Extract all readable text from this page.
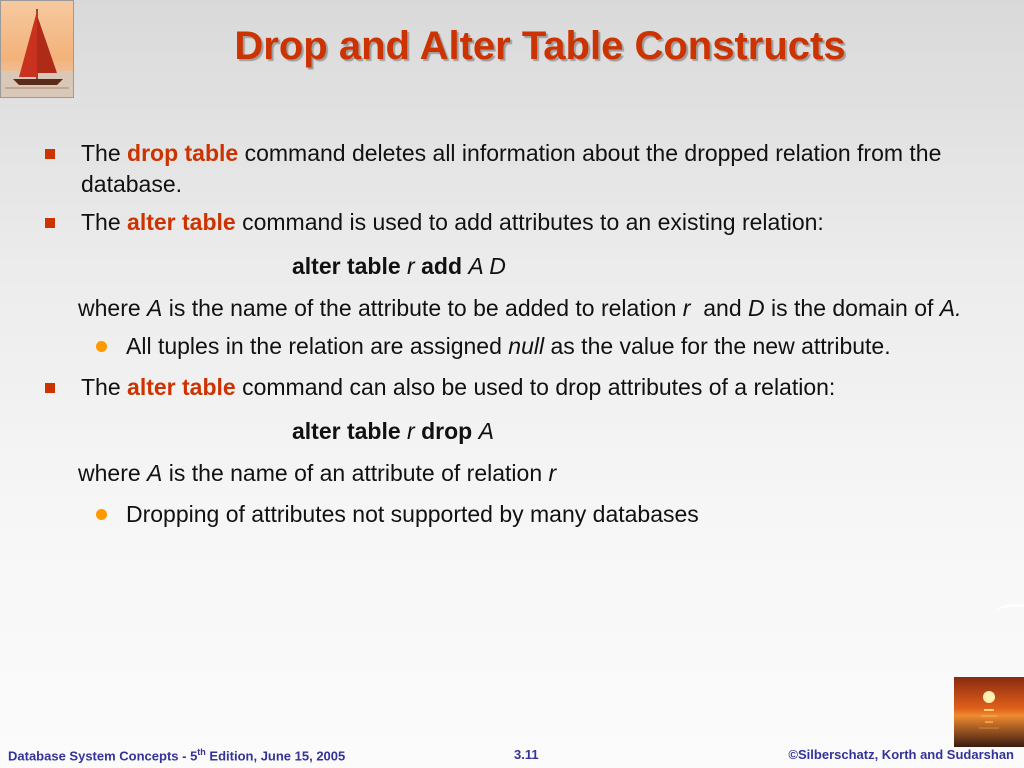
Drop and Alter Table Constructs
The drop table command deletes all information about the dropped relation from the database.
The alter table command is used to add attributes to an existing relation:
alter table r add A D
where A is the name of the attribute to be added to relation r and D is the domain of A.
All tuples in the relation are assigned null as the value for the new attribute.
The alter table command can also be used to drop attributes of a relation:
alter table r drop A
where A is the name of an attribute of relation r
Dropping of attributes not supported by many databases
Database System Concepts - 5th Edition, June 15, 2005	3.11	©Silberschatz, Korth and Sudarshan
